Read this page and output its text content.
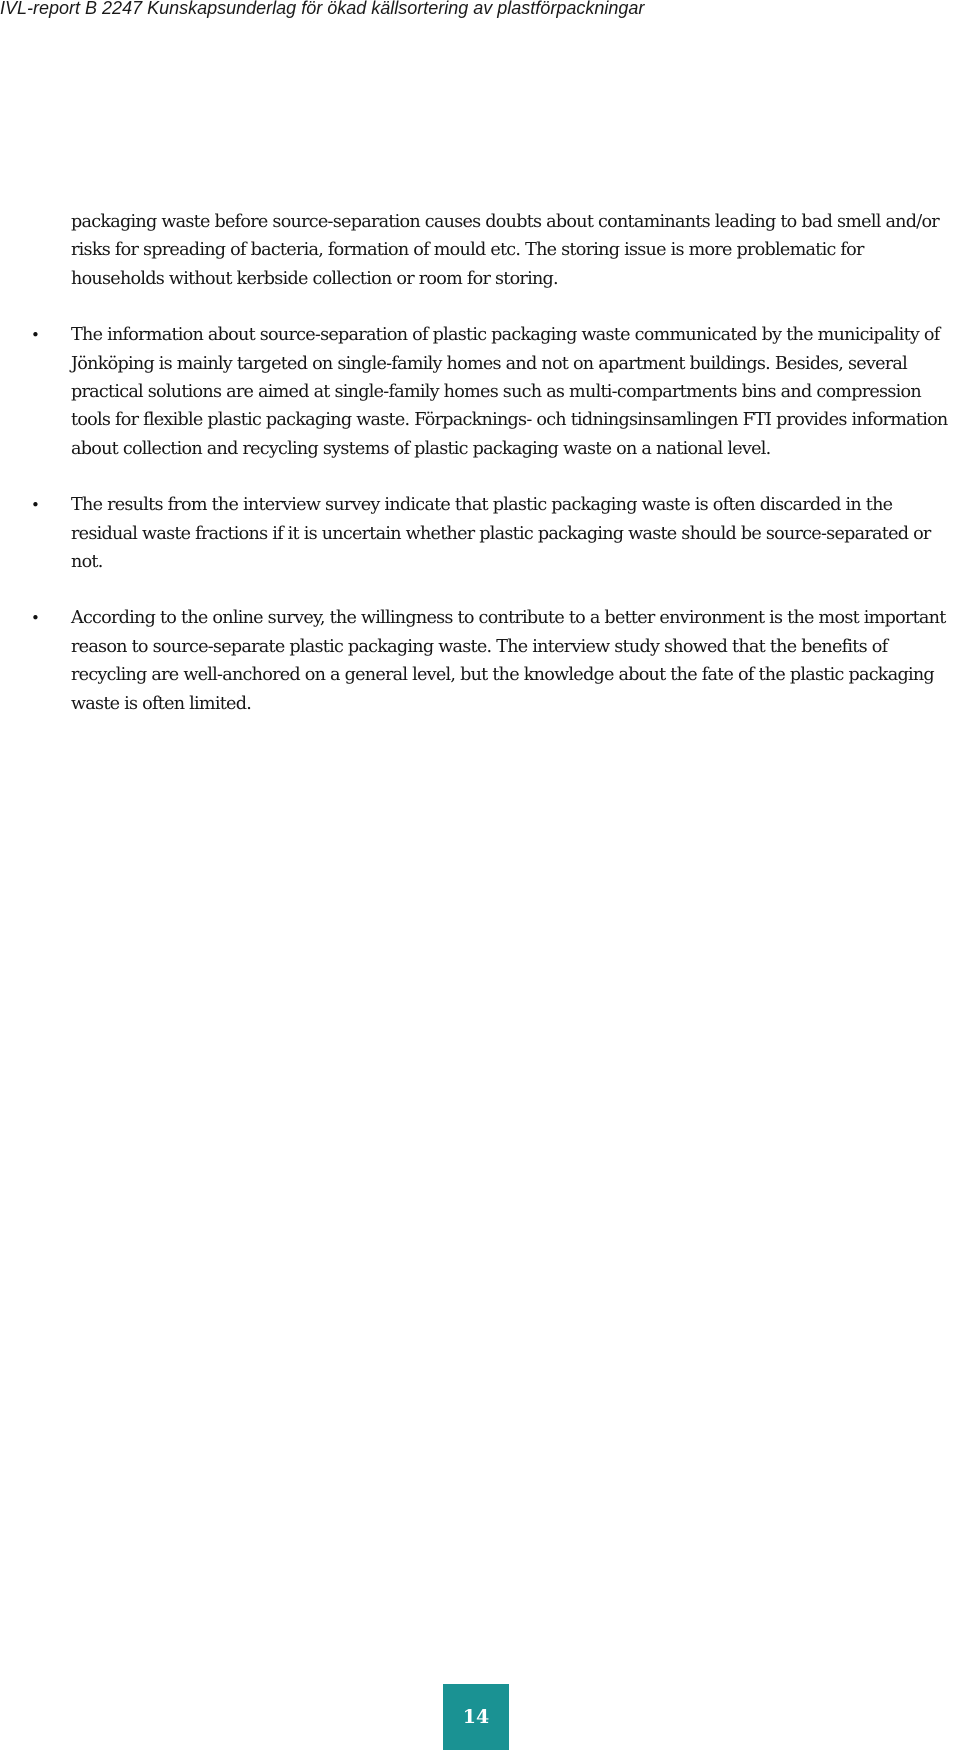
IVL-report B 2247 Kunskapsunderlag för ökad källsortering av plastförpackningar

packaging waste before source-separation causes doubts about contaminants leading to bad smell and/or risks for spreading of bacteria, formation of mould etc. The storing issue is more problematic for households without kerbside collection or room for storing.

• The information about source-separation of plastic packaging waste communicated by the municipality of Jönköping is mainly targeted on single-family homes and not on apartment buildings. Besides, several practical solutions are aimed at single-family homes such as multi-compartments bins and compression tools for flexible plastic packaging waste. Förpacknings- och tidningsinsamlingen FTI provides information about collection and recycling systems of plastic packaging waste on a national level.
• The results from the interview survey indicate that plastic packaging waste is often discarded in the residual waste fractions if it is uncertain whether plastic packaging waste should be source-separated or not.
• According to the online survey, the willingness to contribute to a better environment is the most important reason to source-separate plastic packaging waste. The interview study showed that the benefits of recycling are well-anchored on a general level, but the knowledge about the fate of the plastic packaging waste is often limited.
14
